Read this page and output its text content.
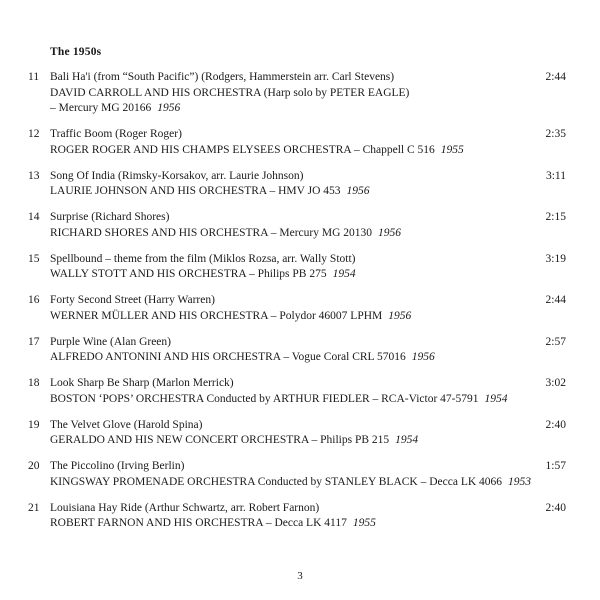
The 1950s
11 Bali Ha'i (from “South Pacific”) (Rodgers, Hammerstein arr. Carl Stevens)
DAVID CARROLL AND HIS ORCHESTRA (Harp solo by PETER EAGLE)
– Mercury MG 20166 1956
2:44
12 Traffic Boom (Roger Roger)
ROGER ROGER AND HIS CHAMPS ELYSEES ORCHESTRA – Chappell C 516 1955
2:35
13 Song Of India (Rimsky-Korsakov, arr. Laurie Johnson)
LAURIE JOHNSON AND HIS ORCHESTRA – HMV JO 453 1956
3:11
14 Surprise (Richard Shores)
RICHARD SHORES AND HIS ORCHESTRA – Mercury MG 20130 1956
2:15
15 Spellbound – theme from the film (Miklos Rozsa, arr. Wally Stott)
WALLY STOTT AND HIS ORCHESTRA – Philips PB 275 1954
3:19
16 Forty Second Street (Harry Warren)
WERNER MÜLLER AND HIS ORCHESTRA – Polydor 46007 LPHM 1956
2:44
17 Purple Wine (Alan Green)
ALFREDO ANTONINI AND HIS ORCHESTRA – Vogue Coral CRL 57016 1956
2:57
18 Look Sharp Be Sharp (Marlon Merrick)
BOSTON ‘POPS’ ORCHESTRA Conducted by ARTHUR FIEDLER – RCA-Victor 47-5791 1954
3:02
19 The Velvet Glove (Harold Spina)
GERALDO AND HIS NEW CONCERT ORCHESTRA – Philips PB 215 1954
2:40
20 The Piccolino (Irving Berlin)
KINGSWAY PROMENADE ORCHESTRA Conducted by STANLEY BLACK – Decca LK 4066 1953
1:57
21 Louisiana Hay Ride (Arthur Schwartz, arr. Robert Farnon)
ROBERT FARNON AND HIS ORCHESTRA – Decca LK 4117 1955
2:40
3
